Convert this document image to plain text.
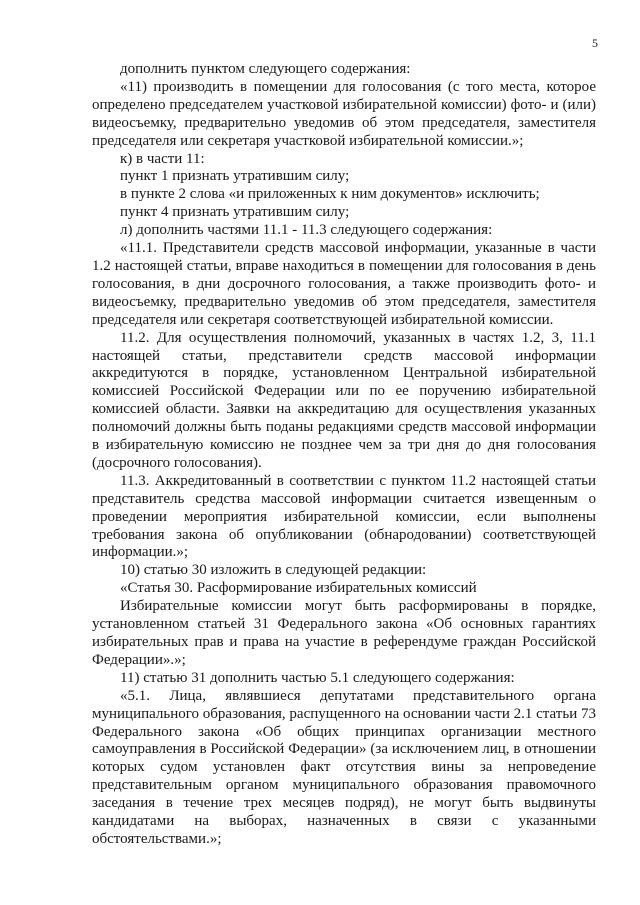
5

дополнить пунктом следующего содержания:

«11) производить в помещении для голосования (с того места, которое определено председателем участковой избирательной комиссии) фото- и (или) видеосъемку, предварительно уведомив об этом председателя, заместителя председателя или секретаря участковой избирательной комиссии.»;

к) в части 11:

пункт 1 признать утратившим силу;

в пункте 2 слова «и приложенных к ним документов» исключить;

пункт 4 признать утратившим силу;

л) дополнить частями 11.1 - 11.3 следующего содержания:

«11.1. Представители средств массовой информации, указанные в части 1.2 настоящей статьи, вправе находиться в помещении для голосования в день голосования, в дни досрочного голосования, а также производить фото- и видеосъемку, предварительно уведомив об этом председателя, заместителя председателя или секретаря соответствующей избирательной комиссии.

11.2. Для осуществления полномочий, указанных в частях 1.2, 3, 11.1 настоящей статьи, представители средств массовой информации аккредитуются в порядке, установленном Центральной избирательной комиссией Российской Федерации или по ее поручению избирательной комиссией области. Заявки на аккредитацию для осуществления указанных полномочий должны быть поданы редакциями средств массовой информации в избирательную комиссию не позднее чем за три дня до дня голосования (досрочного голосования).

11.3. Аккредитованный в соответствии с пунктом 11.2 настоящей статьи представитель средства массовой информации считается извещенным о проведении мероприятия избирательной комиссии, если выполнены требования закона об опубликовании (обнародовании) соответствующей информации.»;

10) статью 30 изложить в следующей редакции:

«Статья 30. Расформирование избирательных комиссий

Избирательные комиссии могут быть расформированы в порядке, установленном статьей 31 Федерального закона «Об основных гарантиях избирательных прав и права на участие в референдуме граждан Российской Федерации».»;

11) статью 31 дополнить частью 5.1 следующего содержания:

«5.1. Лица, являвшиеся депутатами представительного органа муниципального образования, распущенного на основании части 2.1 статьи 73 Федерального закона «Об общих принципах организации местного самоуправления в Российской Федерации» (за исключением лиц, в отношении которых судом установлен факт отсутствия вины за непроведение представительным органом муниципального образования правомочного заседания в течение трех месяцев подряд), не могут быть выдвинуты кандидатами на выборах, назначенных в связи с указанными обстоятельствами.»;
